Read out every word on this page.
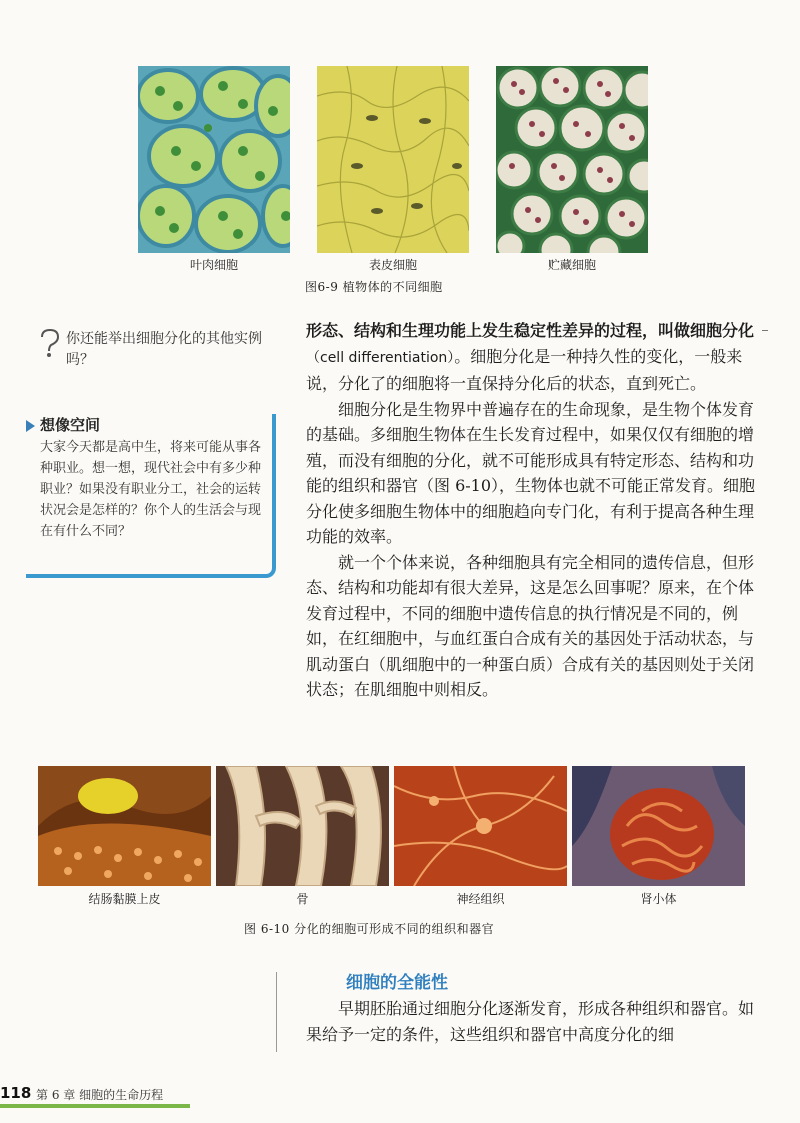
叶肉细胞	表皮细胞	贮藏细胞
图6-9 植物体的不同细胞
你还能举出细胞分化的其他实例吗？
想像空间
大家今天都是高中生，将来可能从事各种职业。想一想，现代社会中有多少种职业？如果没有职业分工，社会的运转状况会是怎样的？你个人的生活会与现在有什么不同？

形态、结构和生理功能上发生稳定性差异的过程，叫做细胞分化（cell differentiation）。细胞分化是一种持久性的变化，一般来说，分化了的细胞将一直保持分化后的状态，直到死亡。

细胞分化是生物界中普遍存在的生命现象，是生物个体发育的基础。多细胞生物体在生长发育过程中，如果仅仅有细胞的增殖，而没有细胞的分化，就不可能形成具有特定形态、结构和功能的组织和器官（图 6-10），生物体也就不可能正常发育。细胞分化使多细胞生物体中的细胞趋向专门化，有利于提高各种生理功能的效率。

就一个个体来说，各种细胞具有完全相同的遗传信息，但形态、结构和功能却有很大差异，这是怎么回事呢？原来，在个体发育过程中，不同的细胞中遗传信息的执行情况是不同的，例如，在红细胞中，与血红蛋白合成有关的基因处于活动状态，与肌动蛋白（肌细胞中的一种蛋白质）合成有关的基因则处于关闭状态；在肌细胞中则相反。

结肠黏膜上皮	骨	神经组织	肾小体
图 6-10 分化的细胞可形成不同的组织和器官
细胞的全能性

早期胚胎通过细胞分化逐渐发育，形成各种组织和器官。如果给予一定的条件，这些组织和器官中高度分化的细

118 第 6 章 细胞的生命历程
